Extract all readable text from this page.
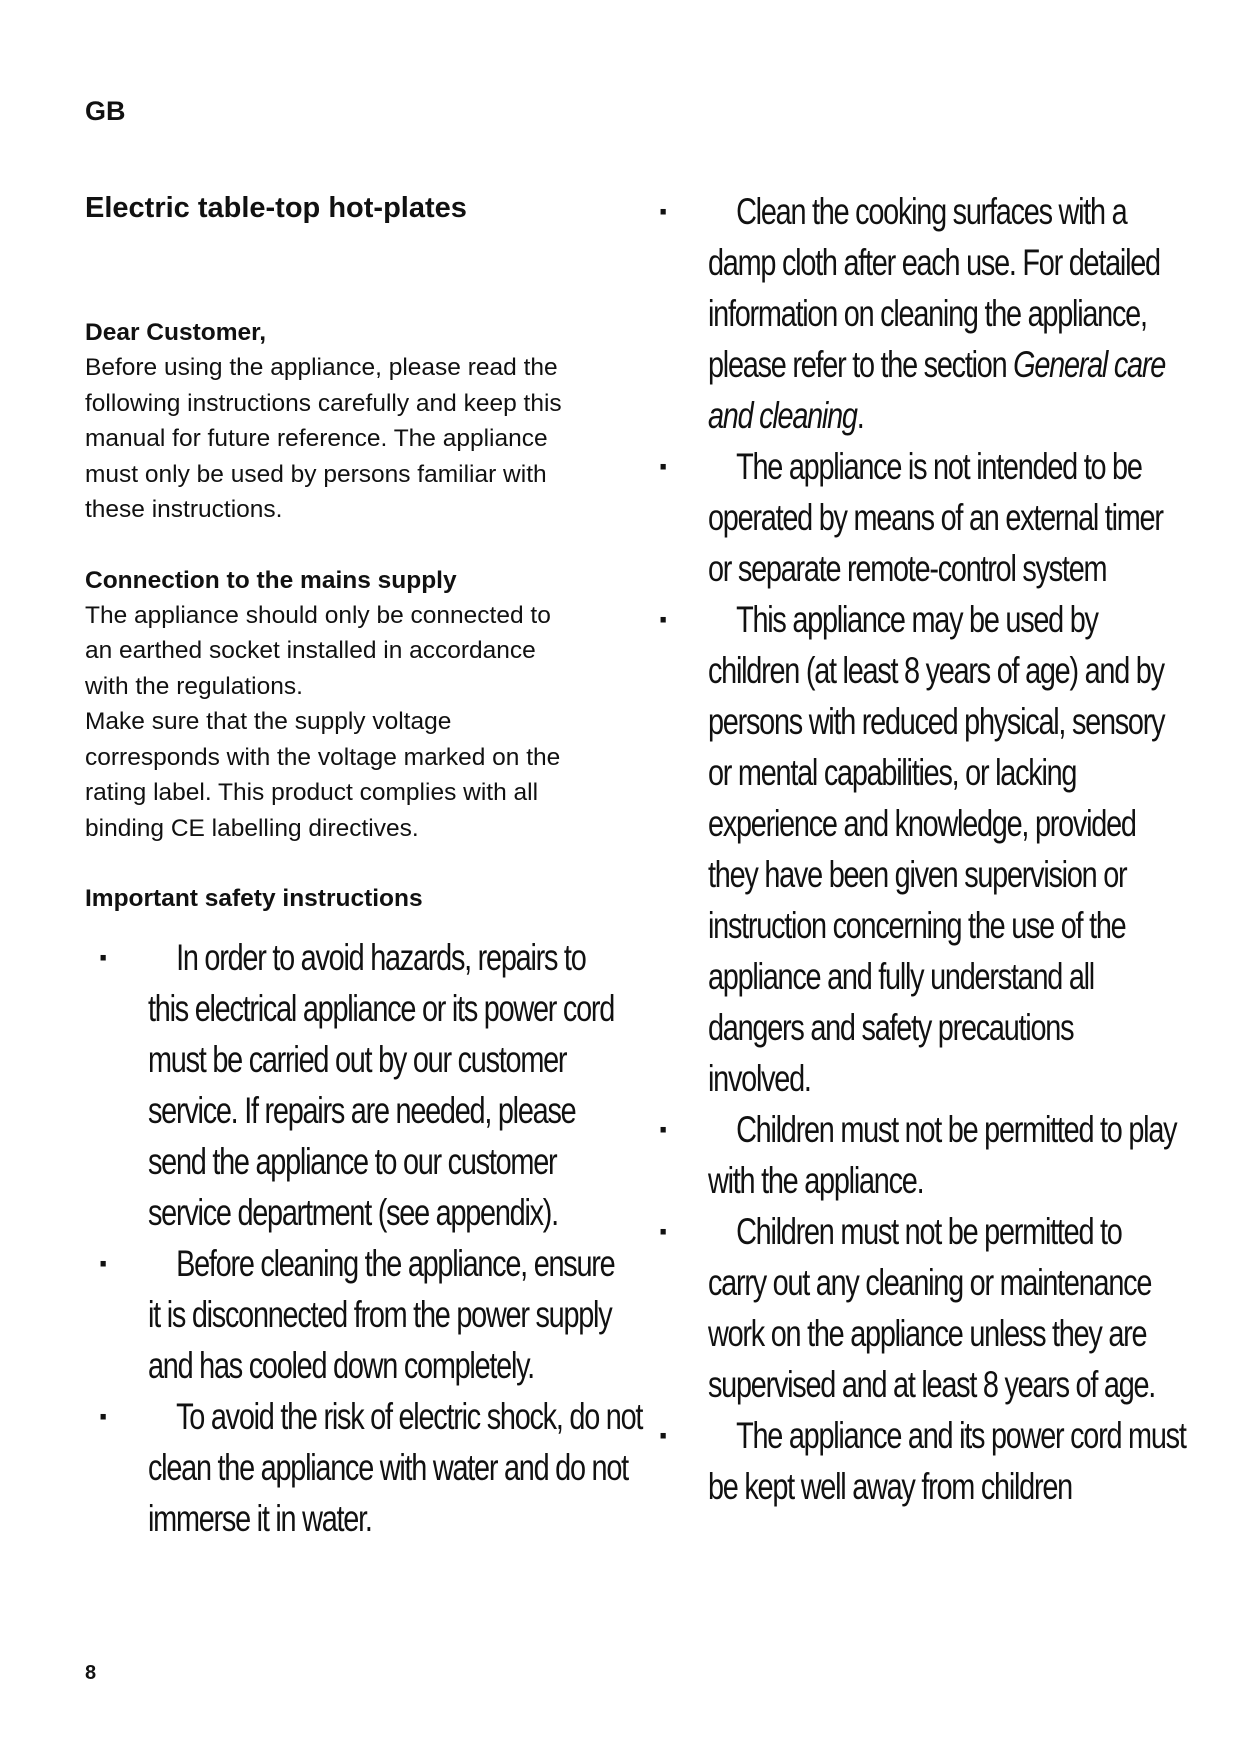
GB

Electric table-top hot-plates

Dear Customer,

Before using the appliance, please read the following instructions carefully and keep this manual for future reference. The appliance must only be used by persons familiar with these instructions.

Connection to the mains supply

The appliance should only be connected to an earthed socket installed in accordance with the regulations.

Make sure that the supply voltage corresponds with the voltage marked on the rating label. This product complies with all binding CE labelling directives.

Important safety instructions

In order to avoid hazards, repairs to this electrical appliance or its power cord must be carried out by our customer service. If repairs are needed, please send the appliance to our customer service department (see appendix).
Before cleaning the appliance, ensure it is disconnected from the power supply and has cooled down completely.
To avoid the risk of electric shock, do not clean the appliance with water and do not immerse it in water.
Clean the cooking surfaces with a damp cloth after each use. For detailed information on cleaning the appliance, please refer to the section General care and cleaning.
The appliance is not intended to be operated by means of an external timer or separate remote-control system
This appliance may be used by children (at least 8 years of age) and by persons with reduced physical, sensory or mental capabilities, or lacking experience and knowledge, provided they have been given supervision or instruction concerning the use of the appliance and fully understand all dangers and safety precautions involved.
Children must not be permitted to play with the appliance.
Children must not be permitted to carry out any cleaning or maintenance work on the appliance unless they are supervised and at least 8 years of age.
The appliance and its power cord must be kept well away from children
8
